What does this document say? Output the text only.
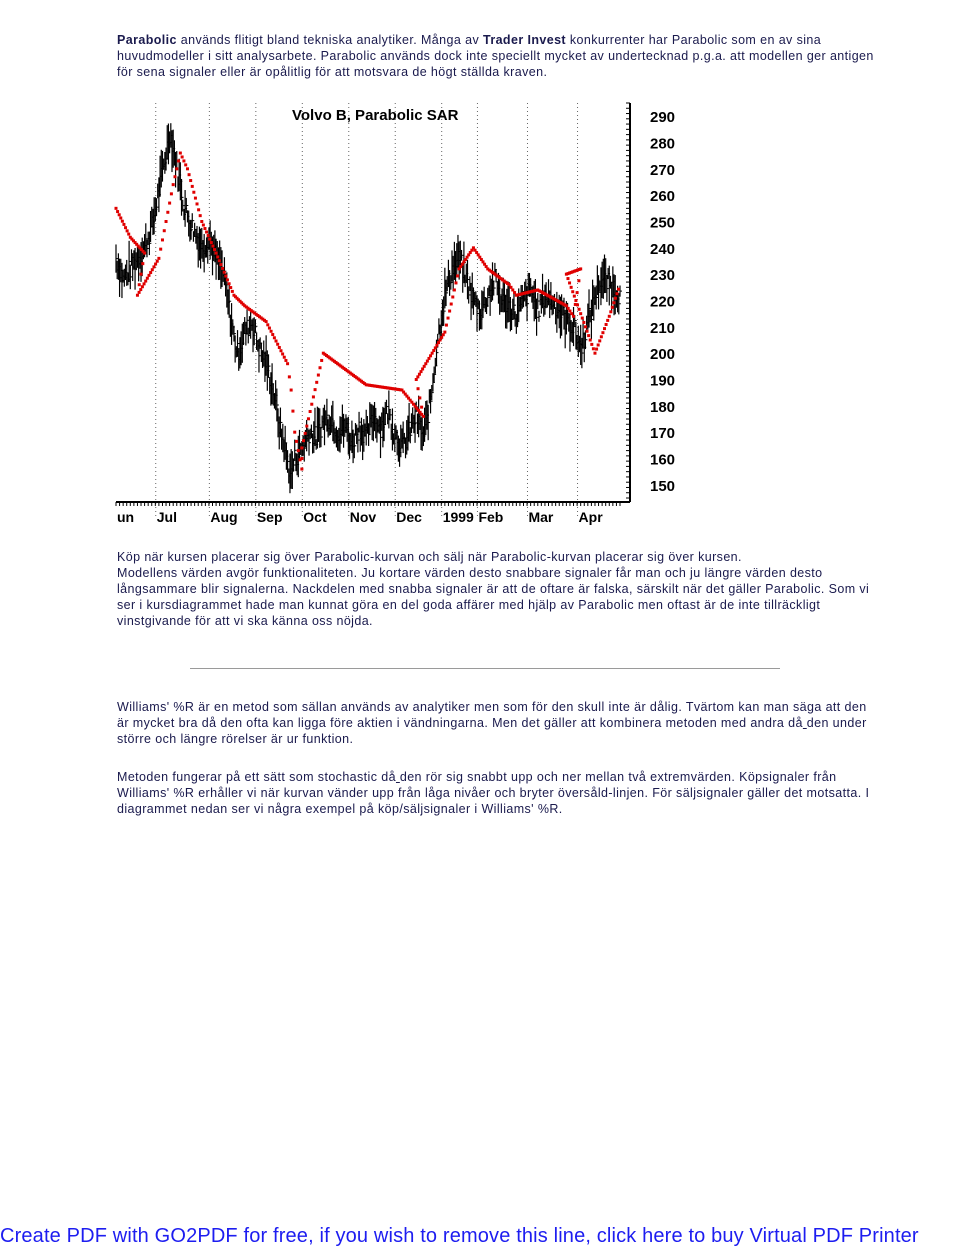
Parabolic används flitigt bland tekniska analytiker. Många av Trader Invest konkurrenter har Parabolic som en av sina huvudmodeller i sitt analysarbete. Parabolic används dock inte speciellt mycket av undertecknad p.g.a. att modellen ger antigen för sena signaler eller är opålitlig för att motsvara de högt ställda kraven.
un Jul Aug Sep Oct Nov Dec 1999 Feb Mar Apr
290
280
270
260
250
240
230
220
210
200
190
180
170
160
150
Volvo B, Parabolic SAR
Köp när kursen placerar sig över Parabolic-kurvan och sälj när Parabolic-kurvan placerar sig över kursen.
Modellens värden avgör funktionaliteten. Ju kortare värden desto snabbare signaler får man och ju längre värden desto långsammare blir signalerna. Nackdelen med snabba signaler är att de oftare är falska, särskilt när det gäller Parabolic. Som vi ser i kursdiagrammet hade man kunnat göra en del goda affärer med hjälp av Parabolic men oftast är de inte tillräckligt vinstgivande för att vi ska känna oss nöjda.
Williams' %R är en metod som sällan används av analytiker men som för den skull inte är dålig. Tvärtom kan man säga att den är mycket bra då den ofta kan ligga före aktien i vändningarna. Men det gäller att kombinera metoden med andra då den under större och längre rörelser är ur funktion.
Metoden fungerar på ett sätt som stochastic då den rör sig snabbt upp och ner mellan två extremvärden. Köpsignaler från Williams' %R erhåller vi när kurvan vänder upp från låga nivåer och bryter översåld-linjen. För säljsignaler gäller det motsatta. I diagrammet nedan ser vi några exempel på köp/säljsignaler i Williams' %R.
Create PDF with GO2PDF for free, if you wish to remove this line, click here to buy Virtual PDF Printer
